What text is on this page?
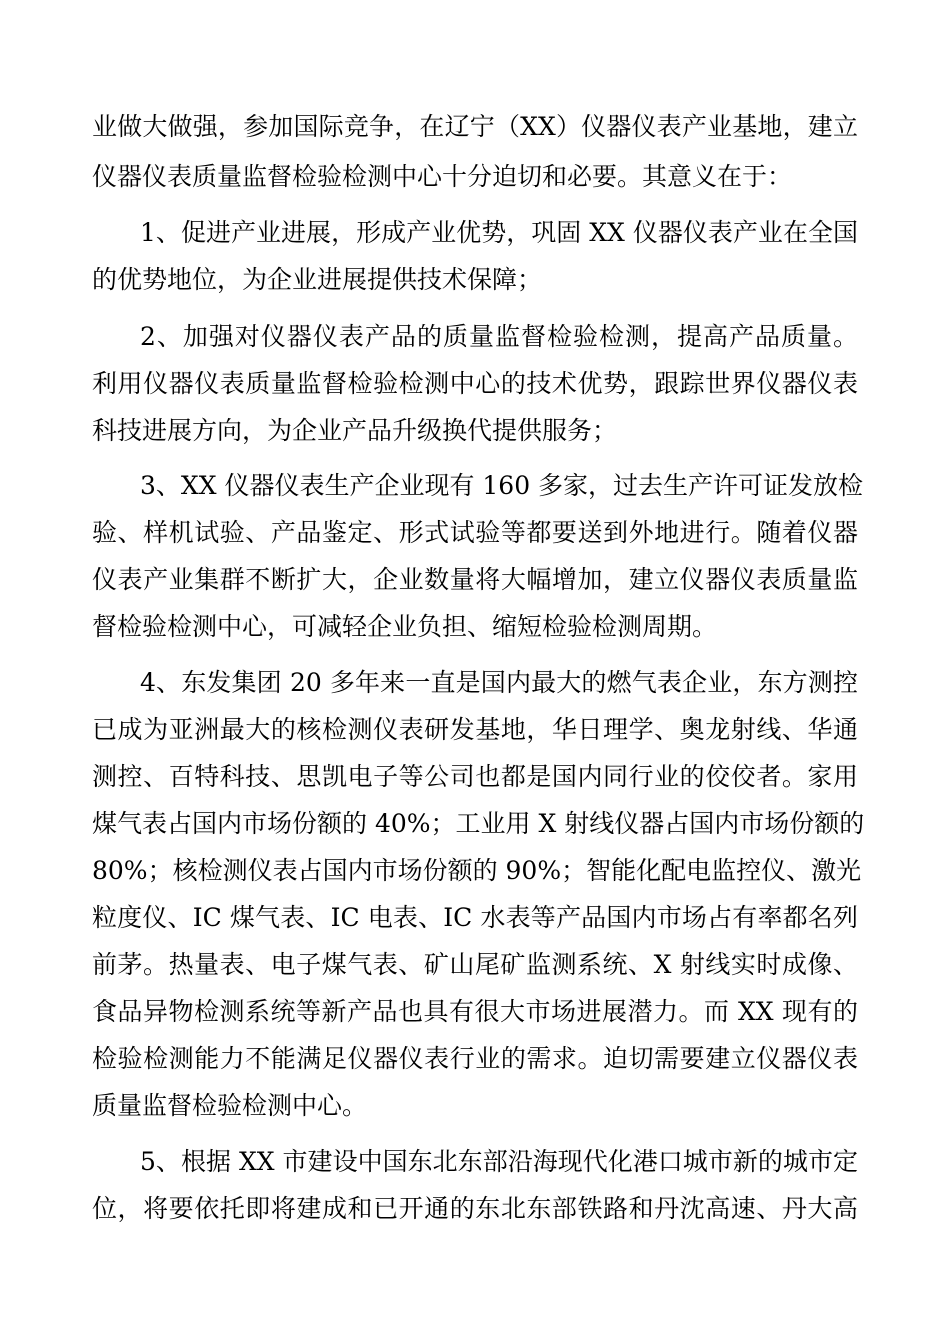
业做大做强，参加国际竞争，在辽宁（XX）仪器仪表产业基地，建立
仪器仪表质量监督检验检测中心十分迫切和必要。其意义在于：
1、促进产业进展，形成产业优势，巩固 XX 仪器仪表产业在全国
的优势地位，为企业进展提供技术保障；
2、加强对仪器仪表产品的质量监督检验检测，提高产品质量。
利用仪器仪表质量监督检验检测中心的技术优势，跟踪世界仪器仪表
科技进展方向，为企业产品升级换代提供服务；
3、XX 仪器仪表生产企业现有 160 多家，过去生产许可证发放检
验、样机试验、产品鉴定、形式试验等都要送到外地进行。随着仪器
仪表产业集群不断扩大，企业数量将大幅增加，建立仪器仪表质量监
督检验检测中心，可减轻企业负担、缩短检验检测周期。
4、东发集团 20 多年来一直是国内最大的燃气表企业，东方测控
已成为亚洲最大的核检测仪表研发基地，华日理学、奥龙射线、华通
测控、百特科技、思凯电子等公司也都是国内同行业的佼佼者。家用
煤气表占国内市场份额的 40%；工业用 X 射线仪器占国内市场份额的
80%；核检测仪表占国内市场份额的 90%；智能化配电监控仪、激光
粒度仪、IC 煤气表、IC 电表、IC 水表等产品国内市场占有率都名列
前茅。热量表、电子煤气表、矿山尾矿监测系统、X 射线实时成像、
食品异物检测系统等新产品也具有很大市场进展潜力。而 XX 现有的
检验检测能力不能满足仪器仪表行业的需求。迫切需要建立仪器仪表
质量监督检验检测中心。
5、根据 XX 市建设中国东北东部沿海现代化港口城市新的城市定
位，将要依托即将建成和已开通的东北东部铁路和丹沈高速、丹大高
